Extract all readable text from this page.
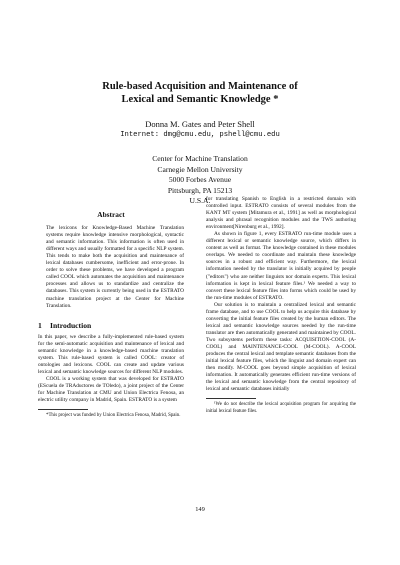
Rule-based Acquisition and Maintenance of
Lexical and Semantic Knowledge *
Donna M. Gates and Peter Shell
Internet: dmg@cmu.edu, pshell@cmu.edu
Center for Machine Translation
Carnegie Mellon University
5000 Forbes Avenue
Pittsburgh, PA 15213
U.S.A.
Abstract

The lexicons for Knowledge-Based Machine Translation systems require knowledge intensive morphological, syntactic and semantic information. This information is often used in different ways and usually formatted for a specific NLP system. This tends to make both the acquisition and maintenance of lexical databases cumbersome, inefficient and error-prone. In order to solve these problems, we have developed a program called COOL which automates the acquisition and maintenance processes and allows us to standardize and centralize the databases. This system is currently being used in the ESTRATO machine translation project at the Center for Machine Translation.

1 Introduction

In this paper, we describe a fully-implemented rule-based system for the semi-automatic acquisition and maintenance of lexical and semantic knowledge in a knowledge-based machine translation system. This rule-based system is called COOL: creator of ontologies and lexicons. COOL can create and update various lexical and semantic knowledge sources for different NLP modules.

COOL is a working system that was developed for ESTRATO (EScuela de TRAductores de TOledo), a joint project of the Center for Machine Translation at CMU and Union Electrica Fenosa, an electric utility company in Madrid, Spain. ESTRATO is a system

*This project was funded by Union Electrica Fenosa, Madrid, Spain.

for translating Spanish to English in a restricted domain with controlled input. ESTRATO consists of several modules from the KANT MT system [Mitamura et al., 1991] as well as morphological analysis and phrasal recognition modules and the TWS authoring environment[Nirenburg et al., 1992].

As shown in figure 1, every ESTRATO run-time module uses a different lexical or semantic knowledge source, which differs in content as well as format. The knowledge contained in these modules overlaps. We needed to coordinate and maintain these knowledge sources in a robust and efficient way. Furthermore, the lexical information needed by the translator is initially acquired by people ("editors") who are neither linguists nor domain experts. This lexical information is kept in lexical feature files.¹ We needed a way to convert these lexical feature files into forms which could be used by the run-time modules of ESTRATO.

Our solution is to maintain a centralized lexical and semantic frame database, and to use COOL to help us acquire this database by converting the initial feature files created by the human editors. The lexical and semantic knowledge sources needed by the run-time translator are then automatically generated and maintained by COOL. Two subsystems perform these tasks: ACQUISITION-COOL (A-COOL) and MAINTENANCE-COOL (M-COOL). A-COOL produces the central lexical and template semantic databases from the initial lexical feature files, which the linguist and domain expert can then modify. M-COOL goes beyond simple acquisition of lexical information. It automatically generates efficient run-time versions of the lexical and semantic knowledge from the central repository of lexical and semantic databases initially

¹We do not describe the lexical acquisition program for acquiring the initial lexical feature files.

149
